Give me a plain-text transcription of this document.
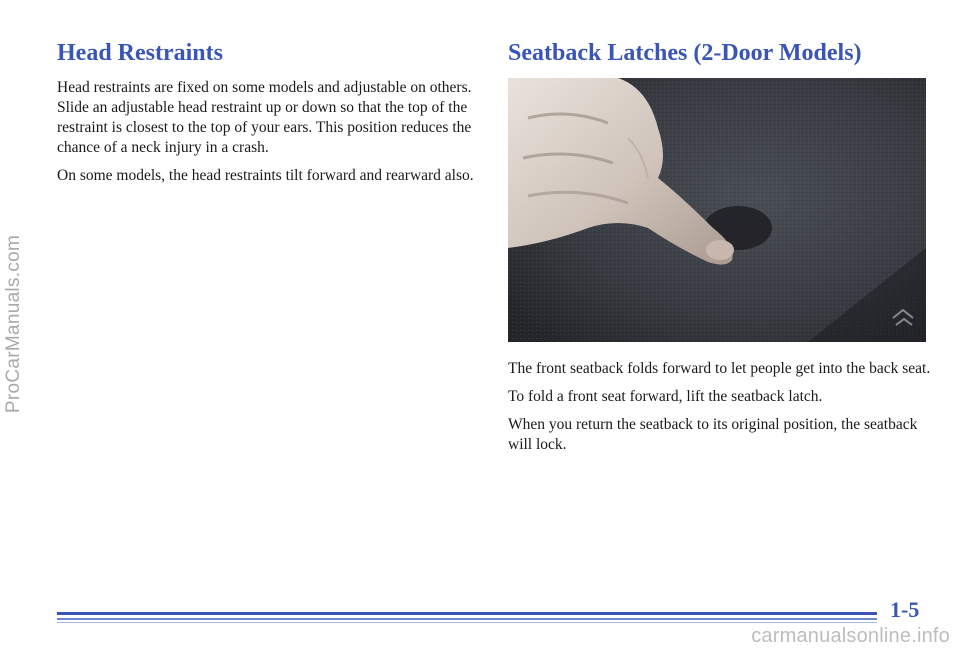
ProCarManuals.com
Head Restraints

Head restraints are fixed on some models and adjustable on others. Slide an adjustable head restraint up or down so that the top of the restraint is closest to the top of your ears. This position reduces the chance of a neck injury in a crash.

On some models, the head restraints tilt forward and rearward also.

Seatback Latches (2-Door Models)

The front seatback folds forward to let people get into the back seat.

To fold a front seat forward, lift the seatback latch.

When you return the seatback to its original position, the seatback will lock.

1-5
carmanualsonline.info
